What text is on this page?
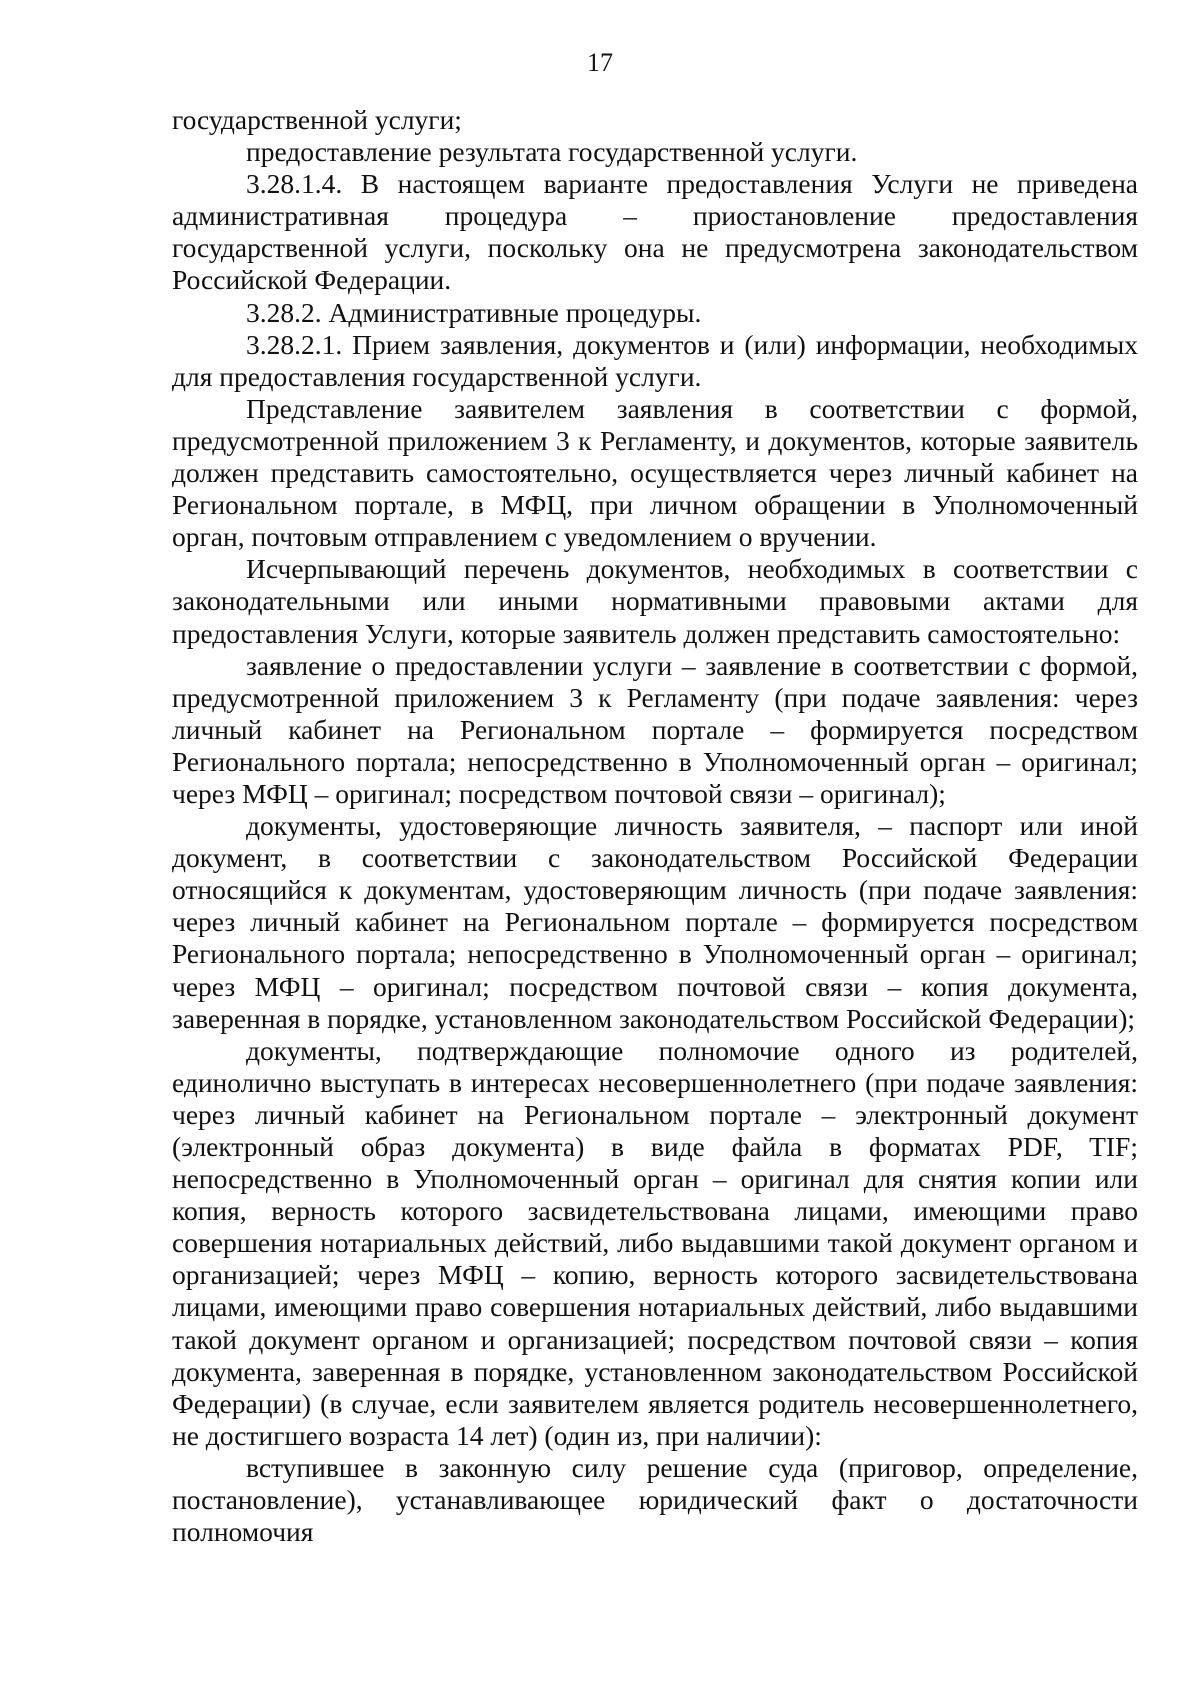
17

государственной услуги;

предоставление результата государственной услуги.

3.28.1.4. В настоящем варианте предоставления Услуги не приведена административная процедура – приостановление предоставления государственной услуги, поскольку она не предусмотрена законодательством Российской Федерации.

3.28.2. Административные процедуры.

3.28.2.1. Прием заявления, документов и (или) информации, необходимых для предоставления государственной услуги.

Представление заявителем заявления в соответствии с формой, предусмотренной приложением 3 к Регламенту, и документов, которые заявитель должен представить самостоятельно, осуществляется через личный кабинет на Региональном портале, в МФЦ, при личном обращении в Уполномоченный орган, почтовым отправлением с уведомлением о вручении.

Исчерпывающий перечень документов, необходимых в соответствии с законодательными или иными нормативными правовыми актами для предоставления Услуги, которые заявитель должен представить самостоятельно:

заявление о предоставлении услуги – заявление в соответствии с формой, предусмотренной приложением 3 к Регламенту (при подаче заявления: через личный кабинет на Региональном портале – формируется посредством Регионального портала; непосредственно в Уполномоченный орган – оригинал; через МФЦ – оригинал; посредством почтовой связи – оригинал);

документы, удостоверяющие личность заявителя, – паспорт или иной документ, в соответствии с законодательством Российской Федерации относящийся к документам, удостоверяющим личность (при подаче заявления: через личный кабинет на Региональном портале – формируется посредством Регионального портала; непосредственно в Уполномоченный орган – оригинал; через МФЦ – оригинал; посредством почтовой связи – копия документа, заверенная в порядке, установленном законодательством Российской Федерации);

документы, подтверждающие полномочие одного из родителей, единолично выступать в интересах несовершеннолетнего (при подаче заявления: через личный кабинет на Региональном портале – электронный документ (электронный образ документа) в виде файла в форматах PDF, TIF; непосредственно в Уполномоченный орган – оригинал для снятия копии или копия, верность которого засвидетельствована лицами, имеющими право совершения нотариальных действий, либо выдавшими такой документ органом и организацией; через МФЦ – копию, верность которого засвидетельствована лицами, имеющими право совершения нотариальных действий, либо выдавшими такой документ органом и организацией; посредством почтовой связи – копия документа, заверенная в порядке, установленном законодательством Российской Федерации) (в случае, если заявителем является родитель несовершеннолетнего, не достигшего возраста 14 лет) (один из, при наличии):

вступившее в законную силу решение суда (приговор, определение, постановление), устанавливающее юридический факт о достаточности полномочия
